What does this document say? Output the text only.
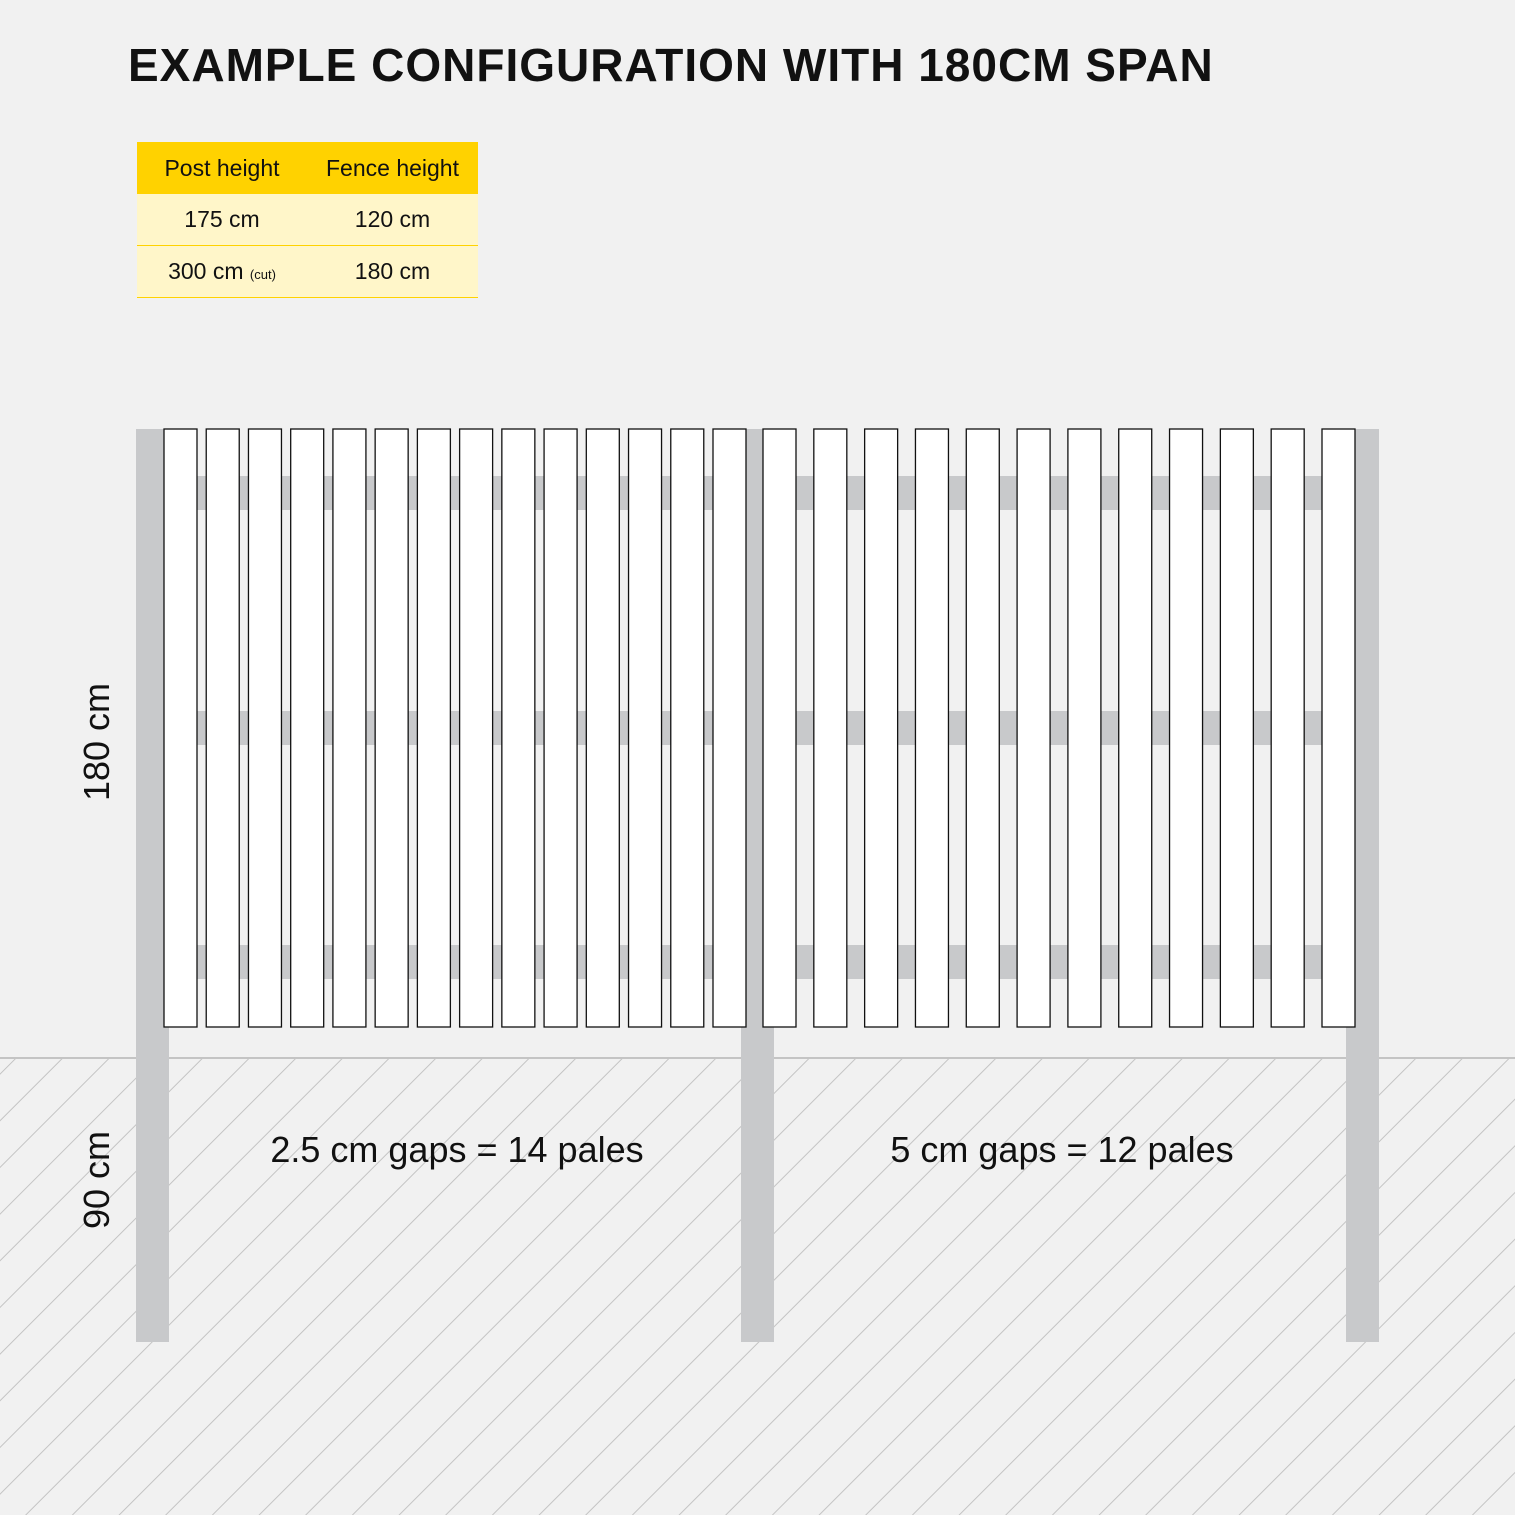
EXAMPLE CONFIGURATION WITH 180CM SPAN
Post height	Fence height
175 cm	120 cm
300 cm (cut)	180 cm
180 cm
90 cm	2.5 cm gaps = 14 pales	5 cm gaps = 12 pales
